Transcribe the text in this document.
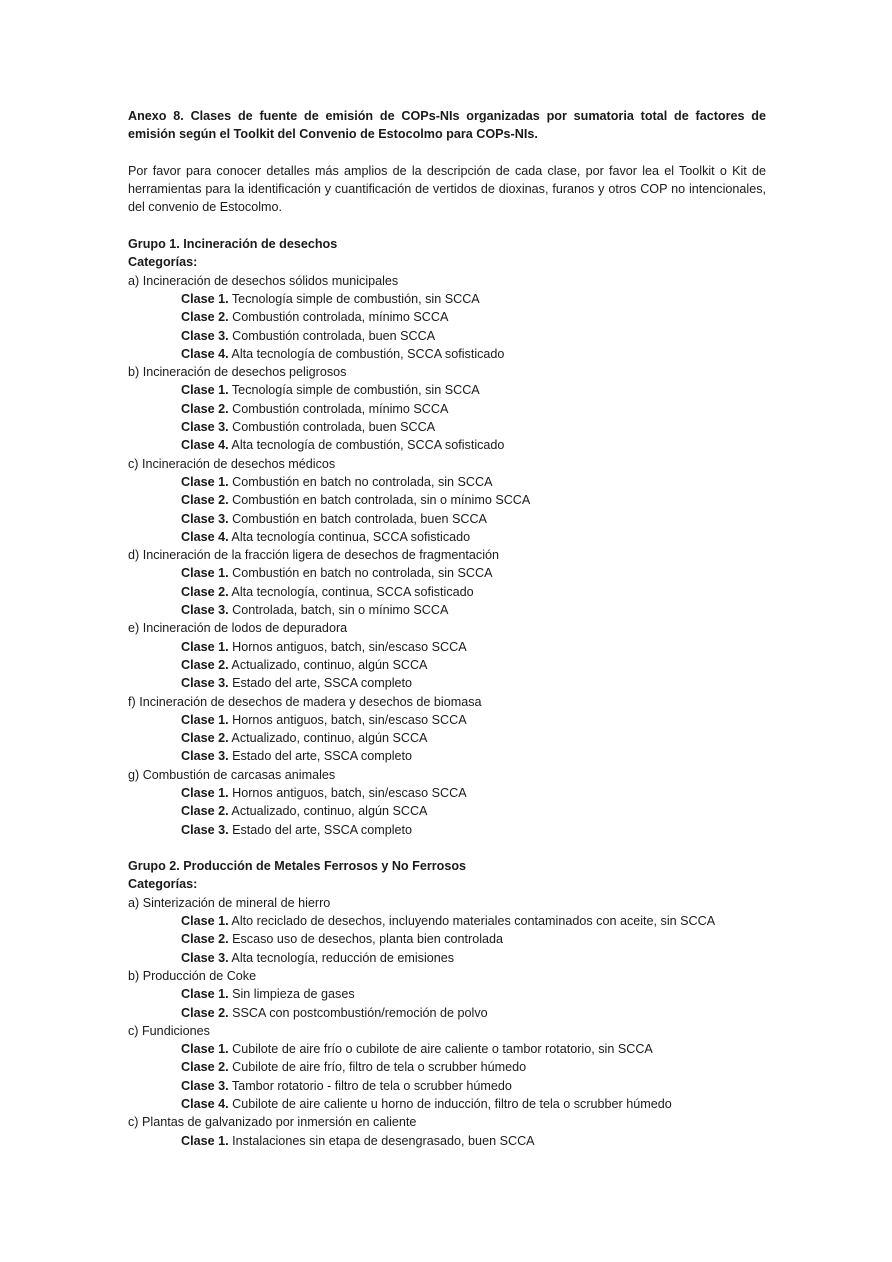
Anexo 8. Clases de fuente de emisión de COPs-NIs organizadas por sumatoria total de factores de emisión según el Toolkit del Convenio de Estocolmo para COPs-NIs.

Por favor para conocer detalles más amplios de la descripción de cada clase, por favor lea el Toolkit o Kit de herramientas para la identificación y cuantificación de vertidos de dioxinas, furanos y otros COP no intencionales, del convenio de Estocolmo.

Grupo 1. Incineración de desechos

Categorías:

a) Incineración de desechos sólidos municipales

Clase 1. Tecnología simple de combustión, sin SCCA

Clase 2. Combustión controlada, mínimo SCCA

Clase 3. Combustión controlada, buen SCCA

Clase 4. Alta tecnología de combustión, SCCA sofisticado

b) Incineración de desechos peligrosos

Clase 1. Tecnología simple de combustión, sin SCCA

Clase 2. Combustión controlada, mínimo SCCA

Clase 3. Combustión controlada, buen SCCA

Clase 4. Alta tecnología de combustión, SCCA sofisticado

c) Incineración de desechos médicos

Clase 1. Combustión en batch no controlada, sin SCCA

Clase 2. Combustión en batch controlada, sin o mínimo SCCA

Clase 3. Combustión en batch controlada, buen SCCA

Clase 4. Alta tecnología continua, SCCA sofisticado

d) Incineración de la fracción ligera de desechos de fragmentación

Clase 1. Combustión en batch no controlada, sin SCCA

Clase 2. Alta tecnología, continua, SCCA sofisticado

Clase 3. Controlada, batch, sin o mínimo SCCA

e) Incineración de lodos de depuradora

Clase 1. Hornos antiguos, batch, sin/escaso SCCA

Clase 2. Actualizado, continuo, algún SCCA

Clase 3. Estado del arte, SSCA completo

f) Incineración de desechos de madera y desechos de biomasa

Clase 1. Hornos antiguos, batch, sin/escaso SCCA

Clase 2. Actualizado, continuo, algún SCCA

Clase 3. Estado del arte, SSCA completo

g) Combustión de carcasas animales

Clase 1. Hornos antiguos, batch, sin/escaso SCCA

Clase 2. Actualizado, continuo, algún SCCA

Clase 3. Estado del arte, SSCA completo

Grupo 2. Producción de Metales Ferrosos y No Ferrosos

Categorías:

a) Sinterización de mineral de hierro

Clase 1. Alto reciclado de desechos, incluyendo materiales contaminados con aceite, sin SCCA

Clase 2. Escaso uso de desechos, planta bien controlada

Clase 3. Alta tecnología, reducción de emisiones

b) Producción de Coke

Clase 1. Sin limpieza de gases

Clase 2. SSCA con postcombustión/remoción de polvo

c) Fundiciones

Clase 1. Cubilote de aire frío o cubilote de aire caliente o tambor rotatorio, sin SCCA

Clase 2. Cubilote de aire frío, filtro de tela o scrubber húmedo

Clase 3. Tambor rotatorio - filtro de tela o scrubber húmedo

Clase 4. Cubilote de aire caliente u horno de inducción, filtro de tela o scrubber húmedo

c) Plantas de galvanizado por inmersión en caliente

Clase 1. Instalaciones sin etapa de desengrasado, buen SCCA
